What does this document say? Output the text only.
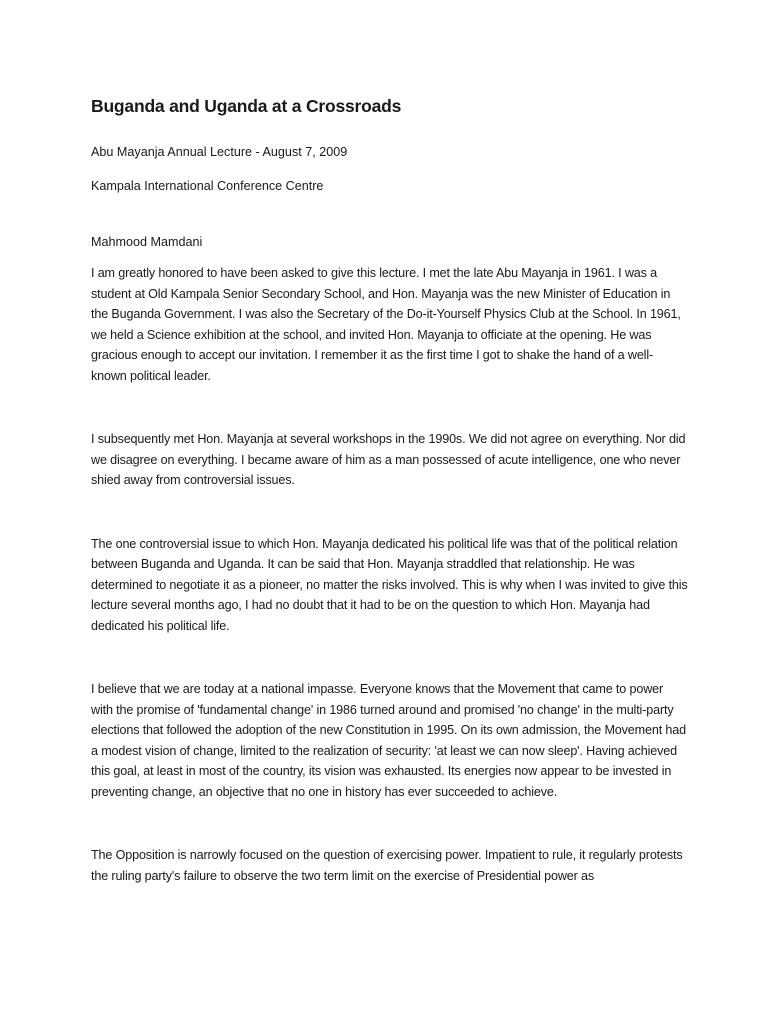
Buganda and Uganda at a Crossroads

Abu Mayanja Annual Lecture - August 7, 2009

Kampala International Conference Centre

Mahmood Mamdani

I am greatly honored to have been asked to give this lecture. I met the late Abu Mayanja in 1961. I was a student at Old Kampala Senior Secondary School, and Hon. Mayanja was the new Minister of Education in the Buganda Government. I was also the Secretary of the Do-it-Yourself Physics Club at the School. In 1961, we held a Science exhibition at the school, and invited Hon. Mayanja to officiate at the opening. He was gracious enough to accept our invitation. I remember it as the first time I got to shake the hand of a well-known political leader.

I subsequently met Hon. Mayanja at several workshops in the 1990s. We did not agree on everything. Nor did we disagree on everything. I became aware of him as a man possessed of acute intelligence, one who never shied away from controversial issues.

The one controversial issue to which Hon. Mayanja dedicated his political life was that of the political relation between Buganda and Uganda. It can be said that Hon. Mayanja straddled that relationship. He was determined to negotiate it as a pioneer, no matter the risks involved. This is why when I was invited to give this lecture several months ago, I had no doubt that it had to be on the question to which Hon. Mayanja had dedicated his political life.

I believe that we are today at a national impasse. Everyone knows that the Movement that came to power with the promise of 'fundamental change' in 1986 turned around and promised 'no change' in the multi-party elections that followed the adoption of the new Constitution in 1995. On its own admission, the Movement had a modest vision of change, limited to the realization of security: 'at least we can now sleep'. Having achieved this goal, at least in most of the country, its vision was exhausted. Its energies now appear to be invested in preventing change, an objective that no one in history has ever succeeded to achieve.

The Opposition is narrowly focused on the question of exercising power. Impatient to rule, it regularly protests the ruling party's failure to observe the two term limit on the exercise of Presidential power as
